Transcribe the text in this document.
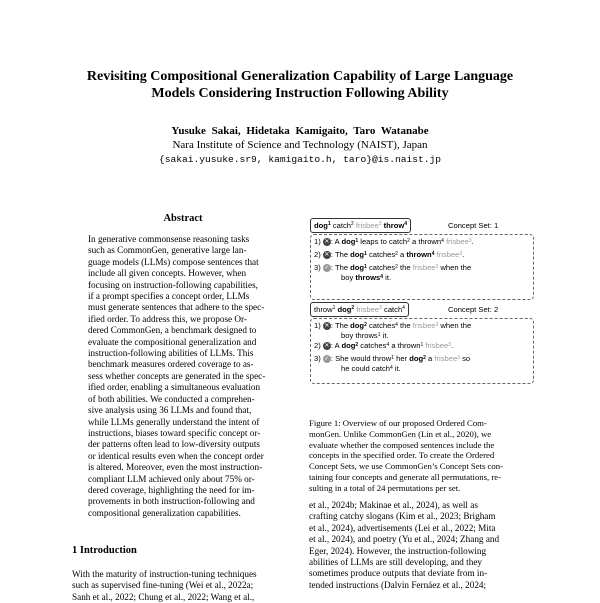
Revisiting Compositional Generalization Capability of Large Language
Models Considering Instruction Following Ability
Yusuke Sakai, Hidetaka Kamigaito, Taro Watanabe
Nara Institute of Science and Technology (NAIST), Japan
{sakai.yusuke.sr9, kamigaito.h, taro}@is.naist.jp
Abstract
In generative commonsense reasoning tasks
such as CommonGen, generative large lan-
guage models (LLMs) compose sentences that
include all given concepts. However, when
focusing on instruction-following capabilities,
if a prompt specifies a concept order, LLMs
must generate sentences that adhere to the spec-
ified order. To address this, we propose Or-
dered CommonGen, a benchmark designed to
evaluate the compositional generalization and
instruction-following abilities of LLMs. This
benchmark measures ordered coverage to as-
sess whether concepts are generated in the spec-
ified order, enabling a simultaneous evaluation
of both abilities. We conducted a comprehen-
sive analysis using 36 LLMs and found that,
while LLMs generally understand the intent of
instructions, biases toward specific concept or-
der patterns often lead to low-diversity outputs
or identical results even when the concept order
is altered. Moreover, even the most instruction-
compliant LLM achieved only about 75% or-
dered coverage, highlighting the need for im-
provements in both instruction-following and
compositional generalization capabilities.
1 Introduction
With the maturity of instruction-tuning techniques
such as supervised fine-tuning (Wei et al., 2022a;
Sanh et al., 2022; Chung et al., 2022; Wang et al.,
dog$^1$ catch$^2$ frisbee$^3$ throw$^4$	Concept Set: 1
1) ✕: A dog$^1$ leaps to catch$^2$ a thrown$^4$ frisbee$^3$.
2) ✕: The dog$^1$ catches$^2$ a thrown$^4$ frisbee$^3$.
3) ✓: The dog$^1$ catches$^2$ the frisbee$^3$ when the
boy throws$^4$ it.
throw$^1$ dog$^2$ frisbee$^3$ catch$^4$	Concept Set: 2
1) ✕: The dog$^2$ catches$^4$ the frisbee$^3$ when the
boy throws$^1$ it.
2) ✕: A dog$^2$ catches$^4$ a thrown$^1$ frisbee$^3$.
3) ✓: She would throw$^1$ her dog$^2$ a frisbee$^3$ so
he could catch$^4$ it.
Figure 1: Overview of our proposed Ordered Com-
monGen. Unlike CommonGen (Lin et al., 2020), we
evaluate whether the composed sentences include the
concepts in the specified order. To create the Ordered
Concept Sets, we use CommonGen’s Concept Sets con-
taining four concepts and generate all permutations, re-
sulting in a total of 24 permutations per set.
et al., 2024b; Makinae et al., 2024), as well as
crafting catchy slogans (Kim et al., 2023; Brigham
et al., 2024), advertisements (Lei et al., 2022; Mita
et al., 2024), and poetry (Yu et al., 2024; Zhang and
Eger, 2024). However, the instruction-following
abilities of LLMs are still developing, and they
sometimes produce outputs that deviate from in-
tended instructions (Dalvin Fernáez et al., 2024;
